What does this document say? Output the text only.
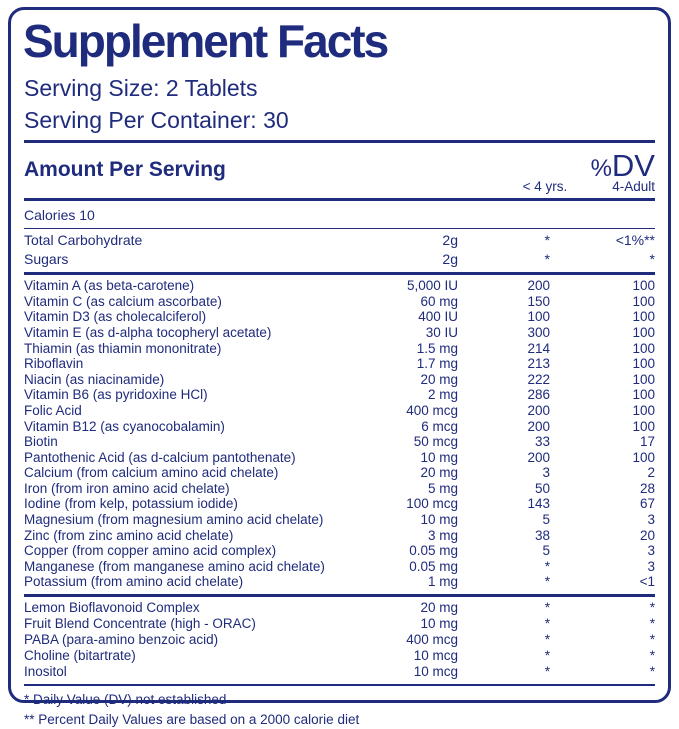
Supplement Facts
Serving Size: 2 Tablets
Serving Per Container: 30
Amount Per Serving	%DV
< 4 yrs.	4-Adult
Calories 10
Total Carbohydrate	2g	*	<1%**
Sugars	2g	*	*
Vitamin A (as beta-carotene)	5,000 IU	200	100
Vitamin C (as calcium ascorbate)	60 mg	150	100
Vitamin D3 (as cholecalciferol)	400 IU	100	100
Vitamin E (as d-alpha tocopheryl acetate)	30 IU	300	100
Thiamin (as thiamin mononitrate)	1.5 mg	214	100
Riboflavin	1.7 mg	213	100
Niacin (as niacinamide)	20 mg	222	100
Vitamin B6 (as pyridoxine HCl)	2 mg	286	100
Folic Acid	400 mcg	200	100
Vitamin B12 (as cyanocobalamin)	6 mcg	200	100
Biotin	50 mcg	33	17
Pantothenic Acid (as d-calcium pantothenate)	10 mg	200	100
Calcium (from calcium amino acid chelate)	20 mg	3	2
Iron (from iron amino acid chelate)	5 mg	50	28
Iodine (from kelp, potassium iodide)	100 mcg	143	67
Magnesium (from magnesium amino acid chelate)	10 mg	5	3
Zinc (from zinc amino acid chelate)	3 mg	38	20
Copper (from copper amino acid complex)	0.05 mg	5	3
Manganese (from manganese amino acid chelate)	0.05 mg	*	3
Potassium (from amino acid chelate)	1 mg	*	<1
Lemon Bioflavonoid Complex	20 mg	*	*
Fruit Blend Concentrate (high - ORAC)	10 mg	*	*
PABA (para-amino benzoic acid)	400 mcg	*	*
Choline (bitartrate)	10 mcg	*	*
Inositol	10 mcg	*	*
* Daily Value (DV) not established
** Percent Daily Values are based on a 2000 calorie diet
